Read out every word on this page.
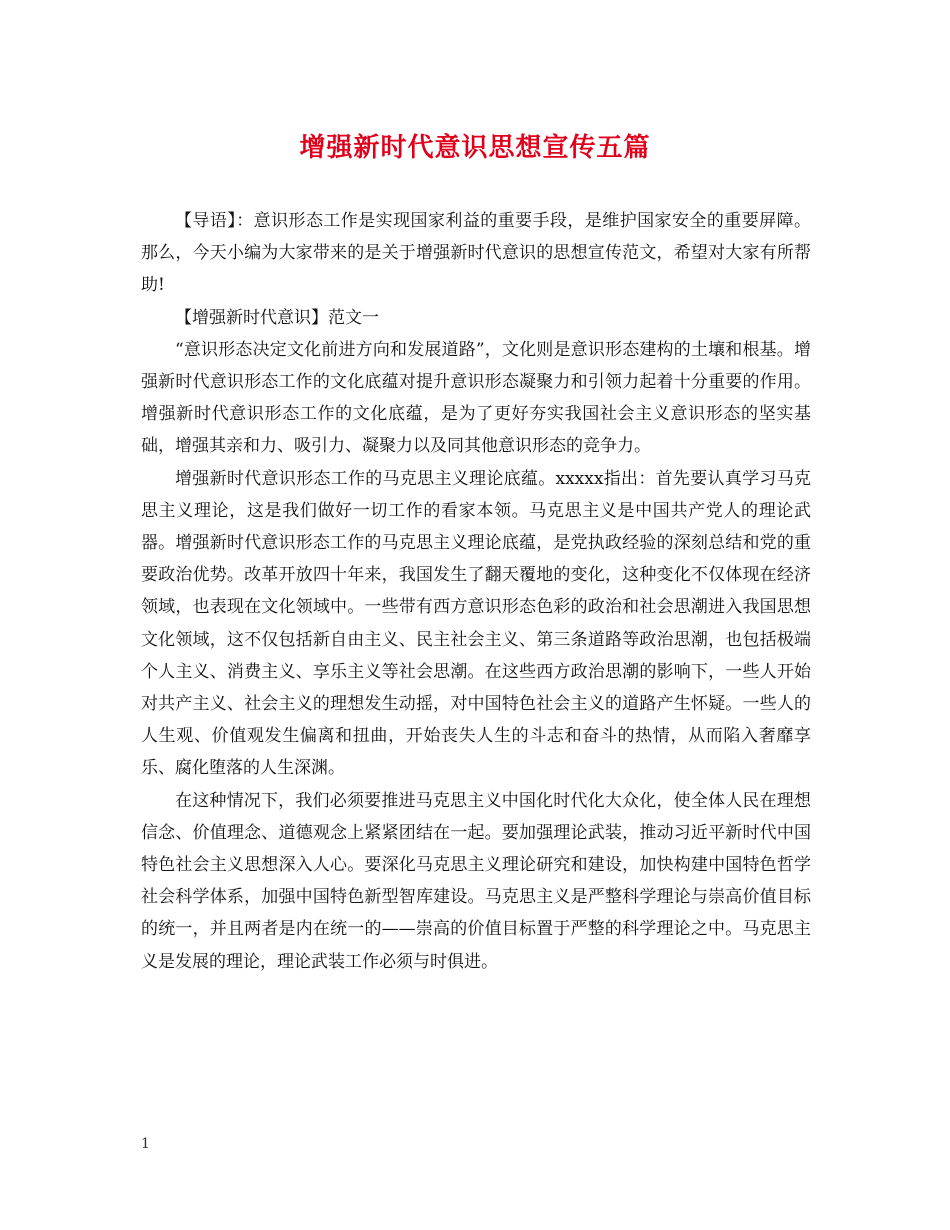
增强新时代意识思想宣传五篇

【导语】：意识形态工作是实现国家利益的重要手段，是维护国家安全的重要屏障。那么，今天小编为大家带来的是关于增强新时代意识的思想宣传范文，希望对大家有所帮助!

【增强新时代意识】范文一

“意识形态决定文化前进方向和发展道路”，文化则是意识形态建构的土壤和根基。增强新时代意识形态工作的文化底蕴对提升意识形态凝聚力和引领力起着十分重要的作用。增强新时代意识形态工作的文化底蕴，是为了更好夯实我国社会主义意识形态的坚实基础，增强其亲和力、吸引力、凝聚力以及同其他意识形态的竞争力。

增强新时代意识形态工作的马克思主义理论底蕴。xxxxx指出：首先要认真学习马克思主义理论，这是我们做好一切工作的看家本领。马克思主义是中国共产党人的理论武器。增强新时代意识形态工作的马克思主义理论底蕴，是党执政经验的深刻总结和党的重要政治优势。改革开放四十年来，我国发生了翻天覆地的变化，这种变化不仅体现在经济领域，也表现在文化领域中。一些带有西方意识形态色彩的政治和社会思潮进入我国思想文化领域，这不仅包括新自由主义、民主社会主义、第三条道路等政治思潮，也包括极端个人主义、消费主义、享乐主义等社会思潮。在这些西方政治思潮的影响下，一些人开始对共产主义、社会主义的理想发生动摇，对中国特色社会主义的道路产生怀疑。一些人的人生观、价值观发生偏离和扭曲，开始丧失人生的斗志和奋斗的热情，从而陷入奢靡享乐、腐化堕落的人生深渊。

在这种情况下，我们必须要推进马克思主义中国化时代化大众化，使全体人民在理想信念、价值理念、道德观念上紧紧团结在一起。要加强理论武装，推动习近平新时代中国特色社会主义思想深入人心。要深化马克思主义理论研究和建设，加快构建中国特色哲学社会科学体系，加强中国特色新型智库建设。马克思主义是严整科学理论与崇高价值目标的统一，并且两者是内在统一的——崇高的价值目标置于严整的科学理论之中。马克思主义是发展的理论，理论武装工作必须与时俱进。

1
